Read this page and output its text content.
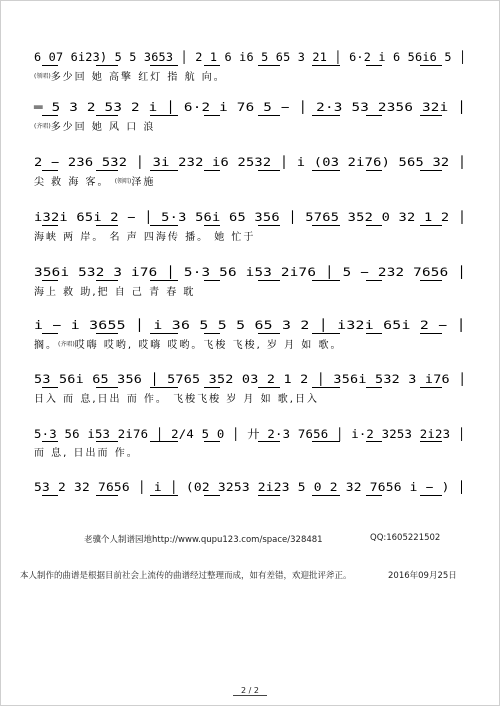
6 07 6i2̇3̇) 5 5 3653 │ 2 1 6 i6 5 65 3 21 │ 6·2 i 6 56i6 5 │
$^{(领唱)}$多少回 她 高擎 红灯 指 航 向。
═ 5 3 2 53 2 i │ 6·2 i 76 5 − │ 2·3 53 2356 32i │
$^{(齐唱)}$多少回 她 风 口 浪
2 − 236 532 │ 3i 232 i6 2532 │ i (03 2i76) 565 32 │
尖 救 海 客。 $^{(领唱)}$泽施
i32i 65i 2 − │ 5·3 56i 65 356 │ 5765 352 0 32 1 2 │
海峡 两 岸。 名 声 四海传 播。 她 忙于
356i 532 3 i76 │ 5·3 56 i53 2i76 │ 5 − 232 7656 │
海上 救 助,把 自 己 青 春 耽
i − i 3655 │ i 36 5 5 5 65 3 2 │ i32i 65i 2 − │
搁。$^{(齐唱)}$哎嗨 哎哟, 哎嗨 哎哟。飞梭 飞梭, 岁 月 如 歌。
53 56i 65 356 │ 5765 352 03 2 1 2 │ 356i 532 3 i76 │
日入 而 息,日出 而 作。 飞梭飞梭 岁 月 如 歌,日入
5·3 56 i53 2i76 │ 2/4 5 0 │ 廾 2·3 7656 │ i·2 3253 2i23 │
而 息, 日出而 作。
53 2 32 7656 │ i │ (02 3253 2i23 5 0 2 32 7656 i − ) │
老骥个人制谱园地http://www.qupu123.com/space/328481	QQ:1605221502
本人制作的曲谱是根据目前社会上流传的曲谱经过整理而成，如有差错，欢迎批评斧正。	2016年09月25日
2 / 2
